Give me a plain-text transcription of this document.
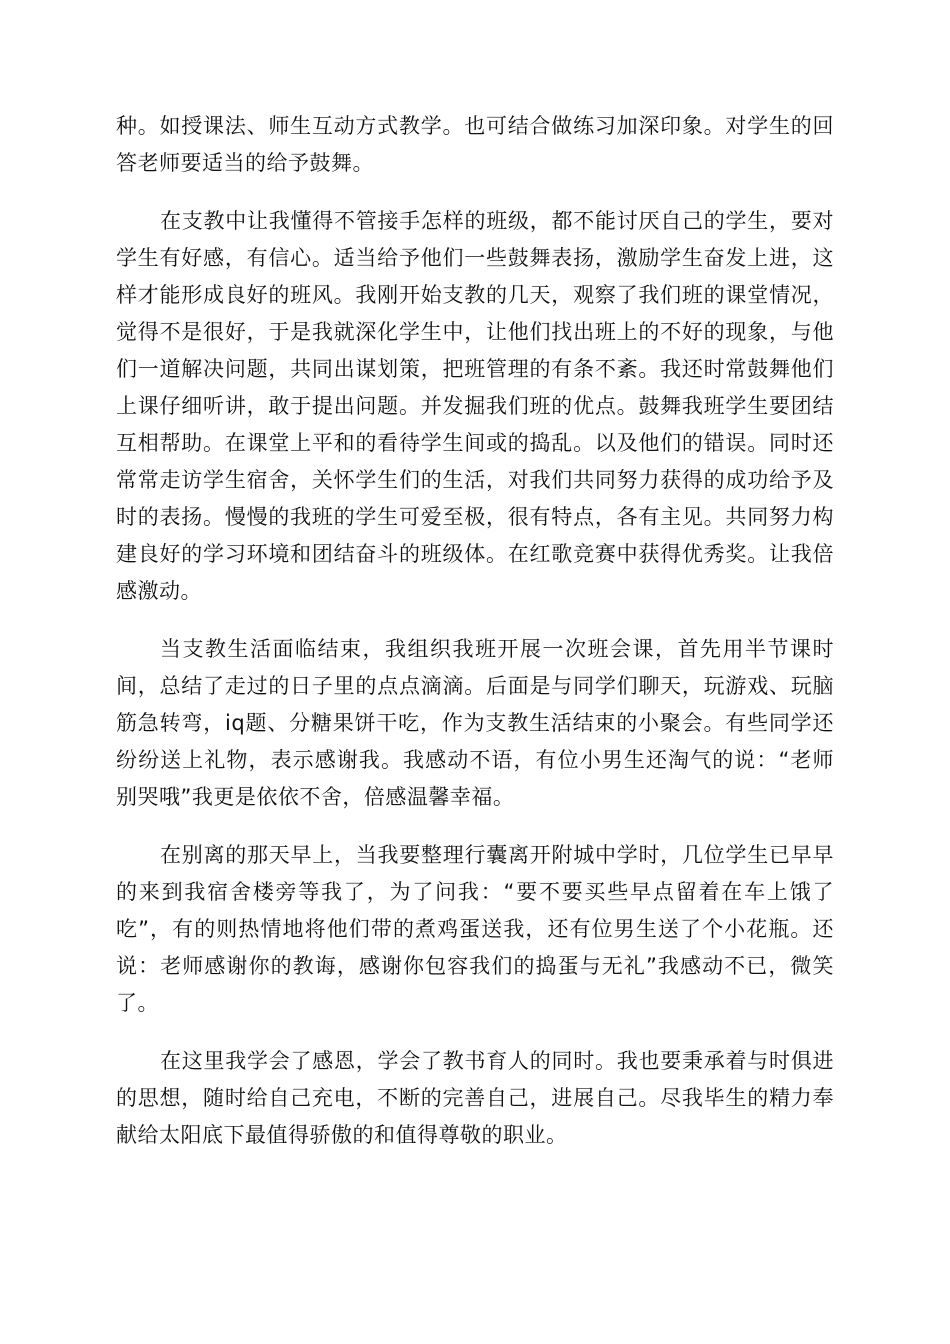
种。如授课法、师生互动方式教学。也可结合做练习加深印象。对学生的回答老师要适当的给予鼓舞。

在支教中让我懂得不管接手怎样的班级，都不能讨厌自己的学生，要对学生有好感，有信心。适当给予他们一些鼓舞表扬，激励学生奋发上进，这样才能形成良好的班风。我刚开始支教的几天，观察了我们班的课堂情况，觉得不是很好，于是我就深化学生中，让他们找出班上的不好的现象，与他们一道解决问题，共同出谋划策，把班管理的有条不紊。我还时常鼓舞他们上课仔细听讲，敢于提出问题。并发掘我们班的优点。鼓舞我班学生要团结互相帮助。在课堂上平和的看待学生间或的捣乱。以及他们的错误。同时还常常走访学生宿舍，关怀学生们的生活，对我们共同努力获得的成功给予及时的表扬。慢慢的我班的学生可爱至极，很有特点，各有主见。共同努力构建良好的学习环境和团结奋斗的班级体。在红歌竞赛中获得优秀奖。让我倍感激动。

当支教生活面临结束，我组织我班开展一次班会课，首先用半节课时间，总结了走过的日子里的点点滴滴。后面是与同学们聊天，玩游戏、玩脑筋急转弯，iq题、分糖果饼干吃，作为支教生活结束的小聚会。有些同学还纷纷送上礼物，表示感谢我。我感动不语，有位小男生还淘气的说：“老师别哭哦”我更是依依不舍，倍感温馨幸福。

在别离的那天早上，当我要整理行囊离开附城中学时，几位学生已早早的来到我宿舍楼旁等我了，为了问我：“要不要买些早点留着在车上饿了吃”，有的则热情地将他们带的煮鸡蛋送我，还有位男生送了个小花瓶。还说：老师感谢你的教诲，感谢你包容我们的捣蛋与无礼”我感动不已，微笑了。

在这里我学会了感恩，学会了教书育人的同时。我也要秉承着与时俱进的思想，随时给自己充电，不断的完善自己，进展自己。尽我毕生的精力奉献给太阳底下最值得骄傲的和值得尊敬的职业。
